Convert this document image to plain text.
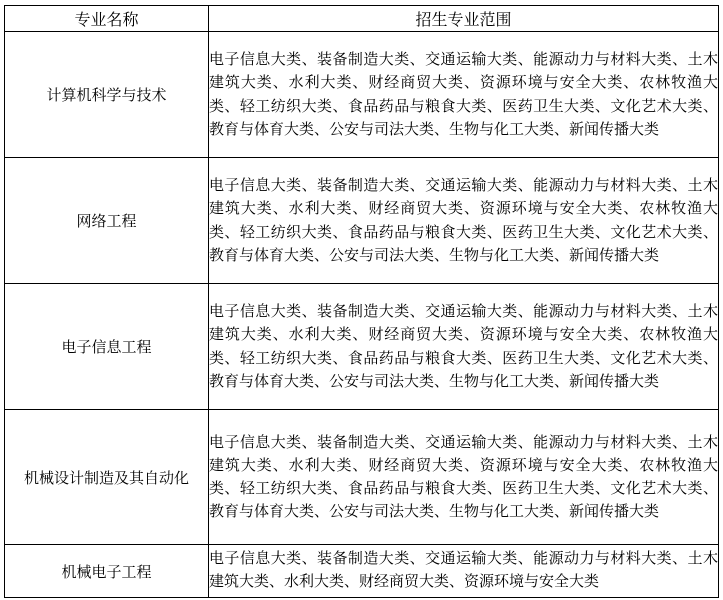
专业名称	招生专业范围
计算机科学与技术	电子信息大类、装备制造大类、交通运输大类、能源动力与材料大类、土木建筑大类、水利大类、财经商贸大类、资源环境与安全大类、农林牧渔大类、轻工纺织大类、食品药品与粮食大类、医药卫生大类、文化艺术大类、教育与体育大类、公安与司法大类、生物与化工大类、新闻传播大类
网络工程	电子信息大类、装备制造大类、交通运输大类、能源动力与材料大类、土木建筑大类、水利大类、财经商贸大类、资源环境与安全大类、农林牧渔大类、轻工纺织大类、食品药品与粮食大类、医药卫生大类、文化艺术大类、教育与体育大类、公安与司法大类、生物与化工大类、新闻传播大类
电子信息工程	电子信息大类、装备制造大类、交通运输大类、能源动力与材料大类、土木建筑大类、水利大类、财经商贸大类、资源环境与安全大类、农林牧渔大类、轻工纺织大类、食品药品与粮食大类、医药卫生大类、文化艺术大类、教育与体育大类、公安与司法大类、生物与化工大类、新闻传播大类
机械设计制造及其自动化	电子信息大类、装备制造大类、交通运输大类、能源动力与材料大类、土木建筑大类、水利大类、财经商贸大类、资源环境与安全大类、农林牧渔大类、轻工纺织大类、食品药品与粮食大类、医药卫生大类、文化艺术大类、教育与体育大类、公安与司法大类、生物与化工大类、新闻传播大类
机械电子工程	电子信息大类、装备制造大类、交通运输大类、能源动力与材料大类、土木建筑大类、水利大类、财经商贸大类、资源环境与安全大类
